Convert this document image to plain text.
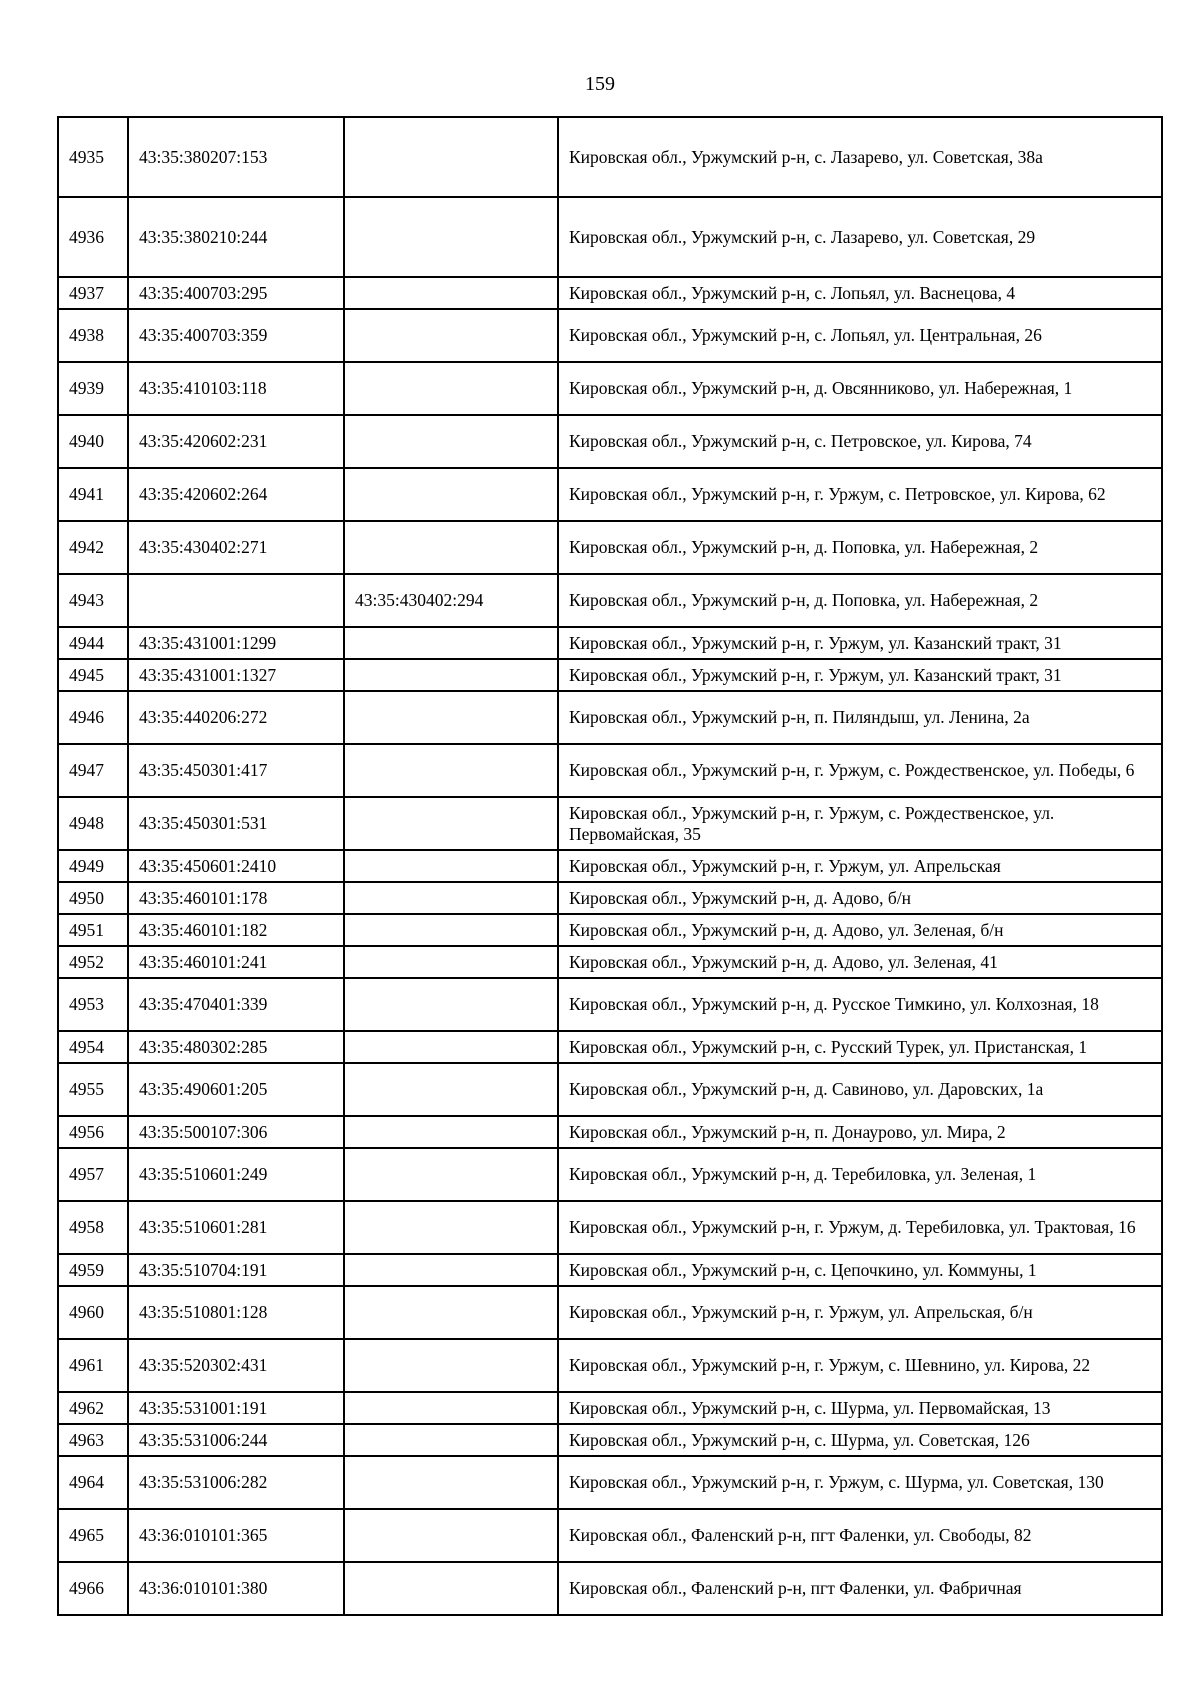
159
4935	43:35:380207:153		Кировская обл., Уржумский р-н, с. Лазарево, ул. Советская, 38а
4936	43:35:380210:244		Кировская обл., Уржумский р-н, с. Лазарево, ул. Советская, 29
4937	43:35:400703:295		Кировская обл., Уржумский р-н, с. Лопьял, ул. Васнецова, 4
4938	43:35:400703:359		Кировская обл., Уржумский р-н, с. Лопьял, ул. Центральная, 26
4939	43:35:410103:118		Кировская обл., Уржумский р-н, д. Овсянниково, ул. Набережная, 1
4940	43:35:420602:231		Кировская обл., Уржумский р-н, с. Петровское, ул. Кирова, 74
4941	43:35:420602:264		Кировская обл., Уржумский р-н, г. Уржум, с. Петровское, ул. Кирова, 62
4942	43:35:430402:271		Кировская обл., Уржумский р-н, д. Поповка, ул. Набережная, 2
4943		43:35:430402:294	Кировская обл., Уржумский р-н, д. Поповка, ул. Набережная, 2
4944	43:35:431001:1299		Кировская обл., Уржумский р-н, г. Уржум, ул. Казанский тракт, 31
4945	43:35:431001:1327		Кировская обл., Уржумский р-н, г. Уржум, ул. Казанский тракт, 31
4946	43:35:440206:272		Кировская обл., Уржумский р-н, п. Пиляндыш, ул. Ленина, 2а
4947	43:35:450301:417		Кировская обл., Уржумский р-н, г. Уржум, с. Рождественское, ул. Победы, 6
4948	43:35:450301:531		Кировская обл., Уржумский р-н, г. Уржум, с. Рождественское, ул. Первомайская, 35
4949	43:35:450601:2410		Кировская обл., Уржумский р-н, г. Уржум, ул. Апрельская
4950	43:35:460101:178		Кировская обл., Уржумский р-н, д. Адово, б/н
4951	43:35:460101:182		Кировская обл., Уржумский р-н, д. Адово, ул. Зеленая, б/н
4952	43:35:460101:241		Кировская обл., Уржумский р-н, д. Адово, ул. Зеленая, 41
4953	43:35:470401:339		Кировская обл., Уржумский р-н, д. Русское Тимкино, ул. Колхозная, 18
4954	43:35:480302:285		Кировская обл., Уржумский р-н, с. Русский Турек, ул. Пристанская, 1
4955	43:35:490601:205		Кировская обл., Уржумский р-н, д. Савиново, ул. Даровских, 1а
4956	43:35:500107:306		Кировская обл., Уржумский р-н, п. Донаурово, ул. Мира, 2
4957	43:35:510601:249		Кировская обл., Уржумский р-н, д. Теребиловка, ул. Зеленая, 1
4958	43:35:510601:281		Кировская обл., Уржумский р-н, г. Уржум, д. Теребиловка, ул. Трактовая, 16
4959	43:35:510704:191		Кировская обл., Уржумский р-н, с. Цепочкино, ул. Коммуны, 1
4960	43:35:510801:128		Кировская обл., Уржумский р-н, г. Уржум, ул. Апрельская, б/н
4961	43:35:520302:431		Кировская обл., Уржумский р-н, г. Уржум, с. Шевнино, ул. Кирова, 22
4962	43:35:531001:191		Кировская обл., Уржумский р-н, с. Шурма, ул. Первомайская, 13
4963	43:35:531006:244		Кировская обл., Уржумский р-н, с. Шурма, ул. Советская, 126
4964	43:35:531006:282		Кировская обл., Уржумский р-н, г. Уржум, с. Шурма, ул. Советская, 130
4965	43:36:010101:365		Кировская обл., Фаленский р-н, пгт Фаленки, ул. Свободы, 82
4966	43:36:010101:380		Кировская обл., Фаленский р-н, пгт Фаленки, ул. Фабричная
